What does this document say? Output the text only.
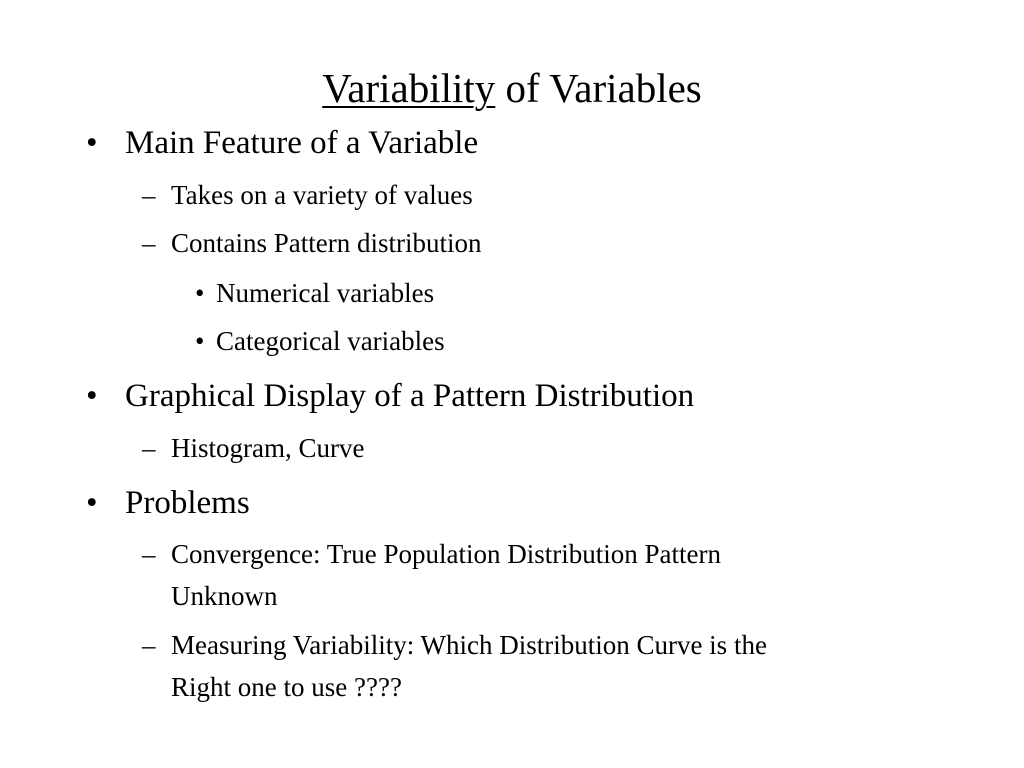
Variability of Variables
• Main Feature of a Variable
– Takes on a variety of values
– Contains Pattern distribution
• Numerical variables
• Categorical variables
• Graphical Display of a Pattern Distribution
– Histogram, Curve
• Problems
– Convergence: True Population Distribution Pattern
Unknown
– Measuring Variability: Which Distribution Curve is the
Right one to use ????
